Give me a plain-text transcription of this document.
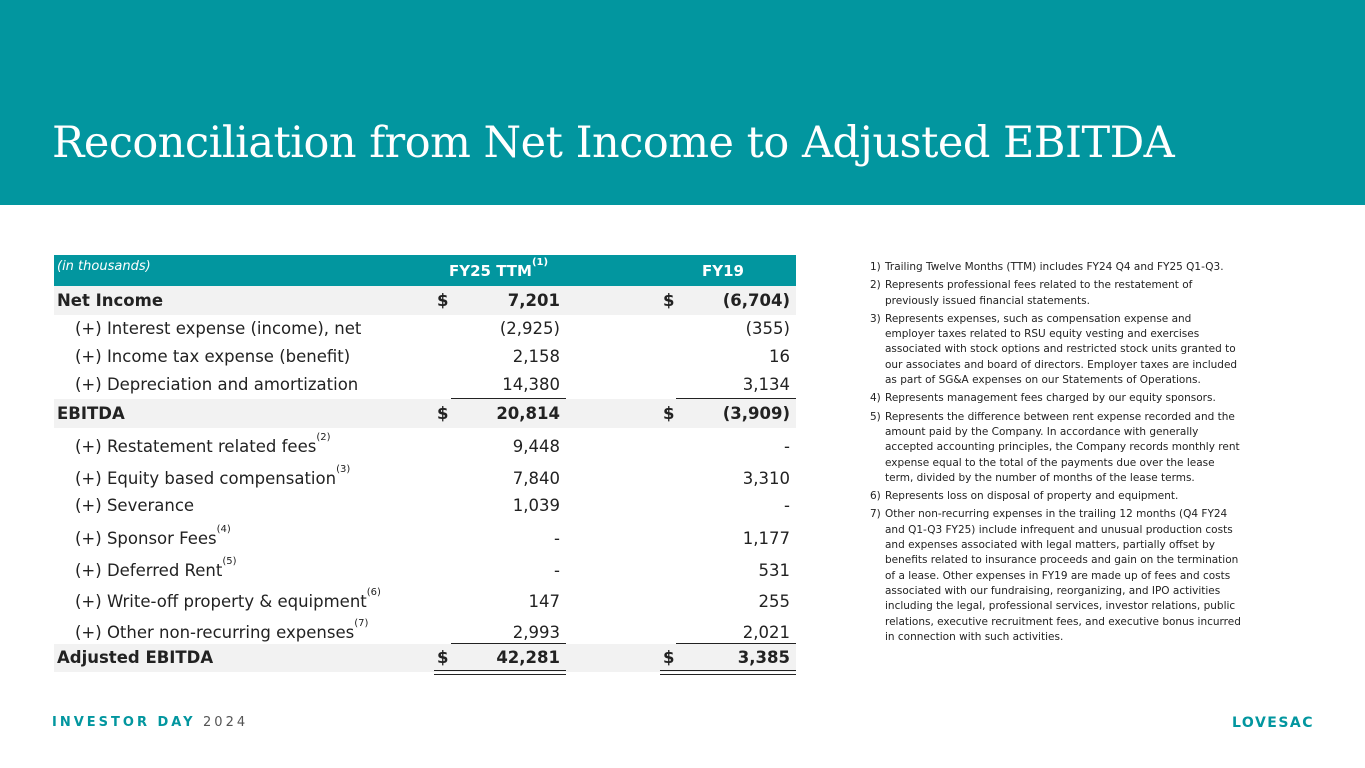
Reconciliation from Net Income to Adjusted EBITDA
(in thousands)	FY25 TTM$^{(1)}$	FY19
Net Income	$	7,201	$	(6,704)
(+) Interest expense (income), net	(2,925)	(355)
(+) Income tax expense (benefit)	2,158	16
(+) Depreciation and amortization	14,380	3,134
EBITDA	$	20,814	$	(3,909)
(+) Restatement related fees$^{(2)}$	9,448	-
(+) Equity based compensation$^{(3)}$	7,840	3,310
(+) Severance	1,039	-
(+) Sponsor Fees$^{(4)}$	-	1,177
(+) Deferred Rent$^{(5)}$	-	531
(+) Write-off property & equipment$^{(6)}$	147	255
(+) Other non-recurring expenses$^{(7)}$	2,993	2,021
Adjusted EBITDA	$	42,281	$	3,385
1) Trailing Twelve Months (TTM) includes FY24 Q4 and FY25 Q1-Q3.
2) Represents professional fees related to the restatement of previously issued financial statements.
3) Represents expenses, such as compensation expense and employer taxes related to RSU equity vesting and exercises associated with stock options and restricted stock units granted to our associates and board of directors. Employer taxes are included as part of SG&A expenses on our Statements of Operations.
4) Represents management fees charged by our equity sponsors.
5) Represents the difference between rent expense recorded and the amount paid by the Company. In accordance with generally accepted accounting principles, the Company records monthly rent expense equal to the total of the payments due over the lease term, divided by the number of months of the lease terms.
6) Represents loss on disposal of property and equipment.
7) Other non-recurring expenses in the trailing 12 months (Q4 FY24 and Q1-Q3 FY25) include infrequent and unusual production costs and expenses associated with legal matters, partially offset by benefits related to insurance proceeds and gain on the termination of a lease. Other expenses in FY19 are made up of fees and costs associated with our fundraising, reorganizing, and IPO activities including the legal, professional services, investor relations, public relations, executive recruitment fees, and executive bonus incurred in connection with such activities.
INVESTOR DAY 2024	LOVESAC
